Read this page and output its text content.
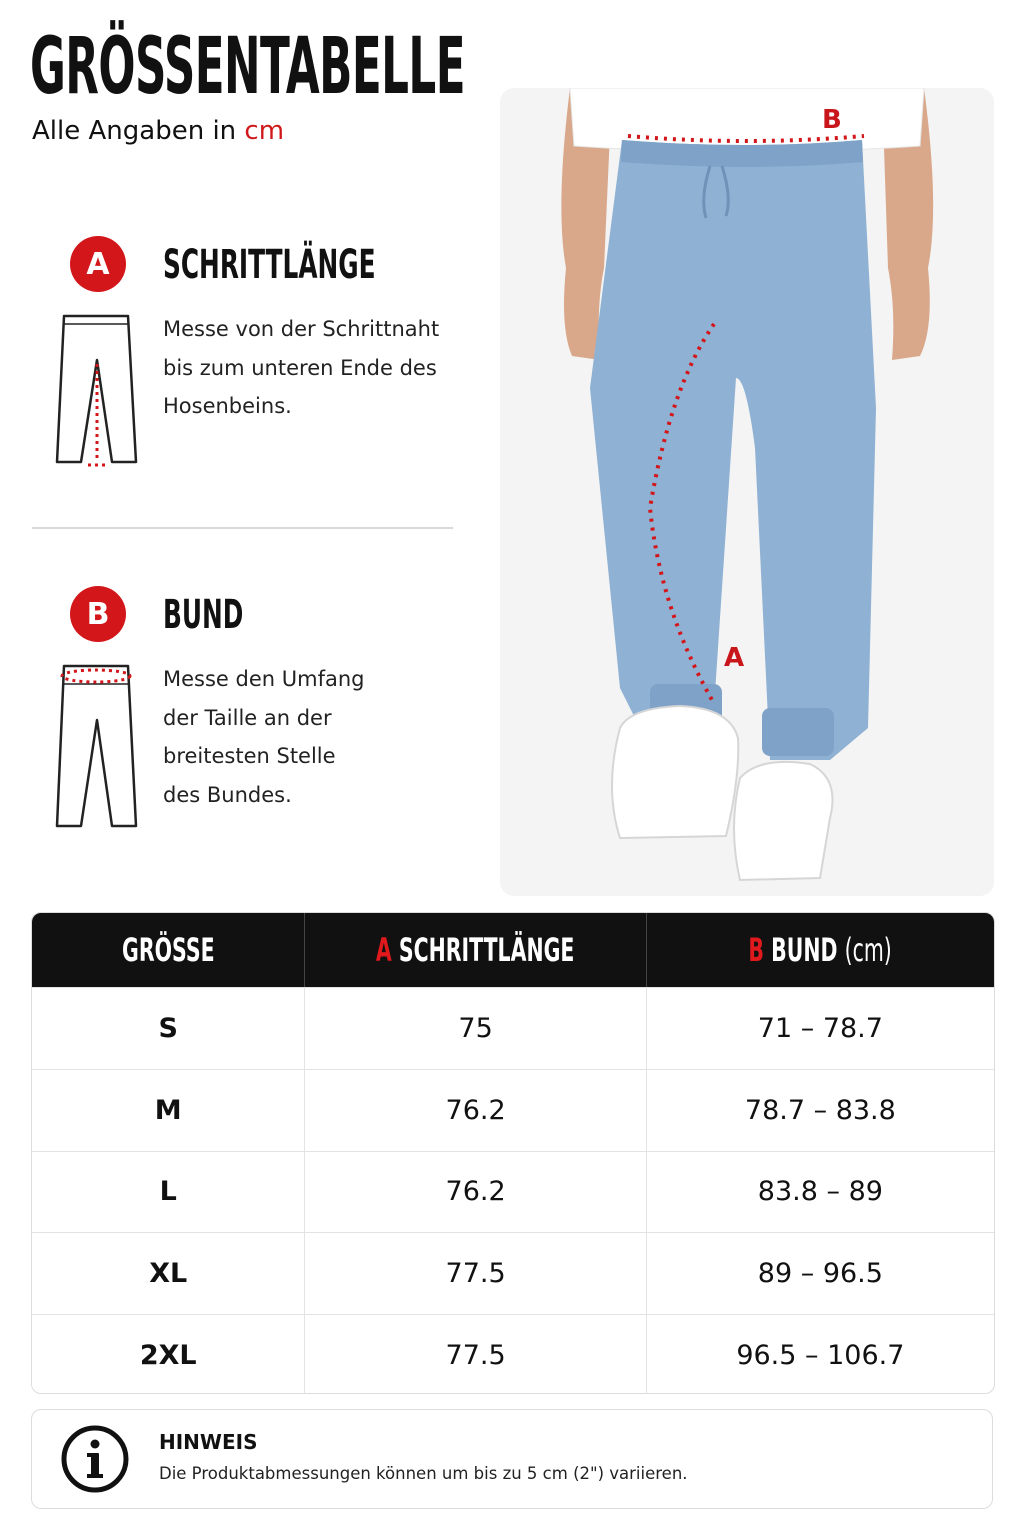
GRÖSSENTABELLE
Alle Angaben in cm
A	SCHRITTLÄNGE
Messe von der Schrittnaht
bis zum unteren Ende des
Hosenbeins.
B	BUND
Messe den Umfang
der Taille an der
breitesten Stelle
des Bundes.
B
A
GRÖSSE	A SCHRITTLÄNGE	B BUND (cm)
S	75	71 – 78.7
M	76.2	78.7 – 83.8
L	76.2	83.8 – 89
XL	77.5	89 – 96.5
2XL	77.5	96.5 – 106.7
HINWEIS
Die Produktabmessungen können um bis zu 5 cm (2") variieren.
